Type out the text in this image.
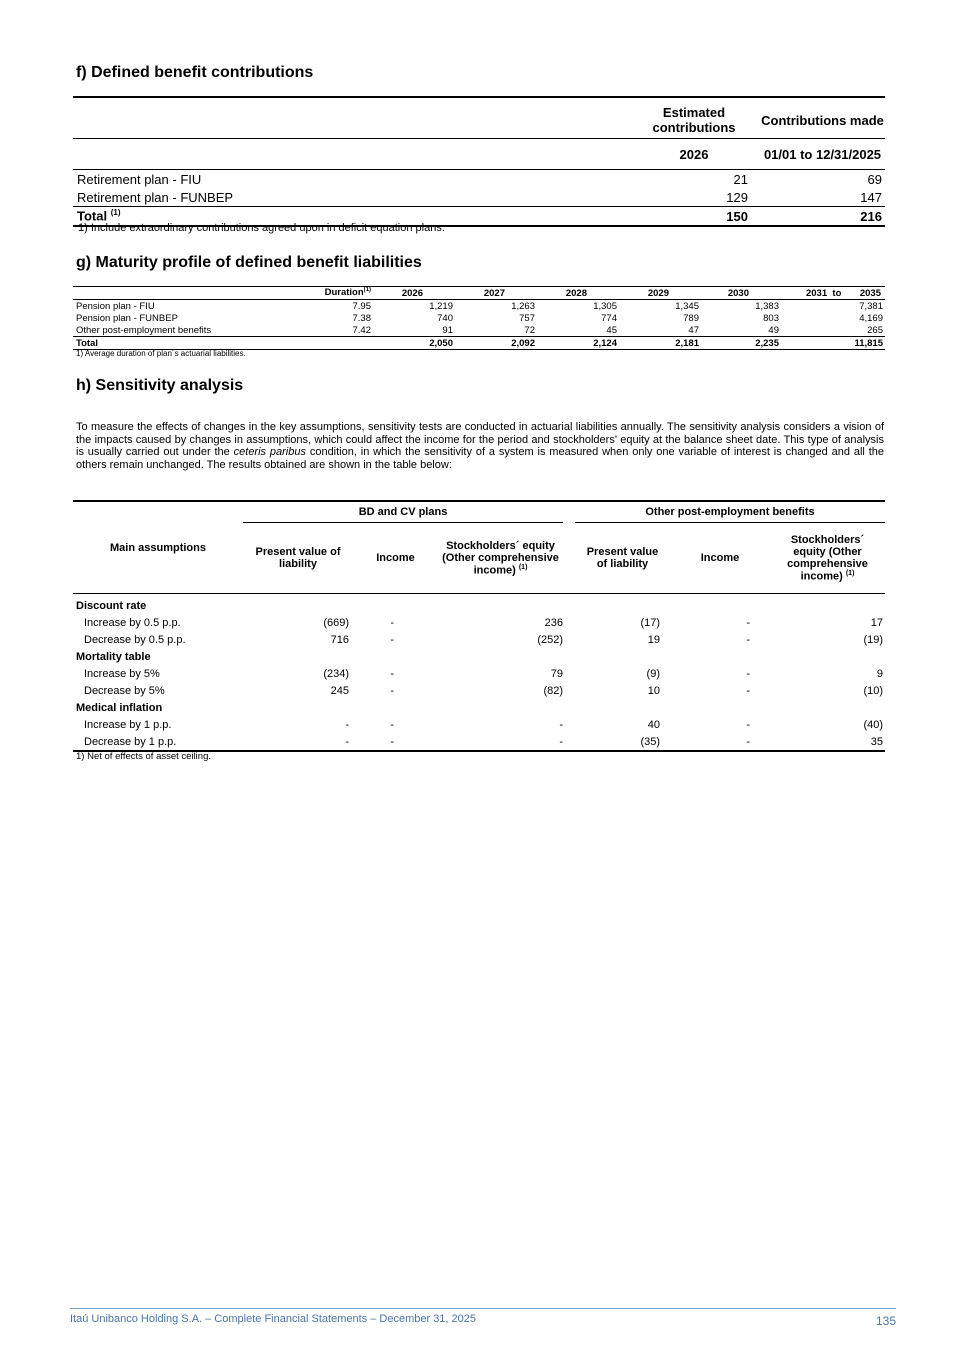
f) Defined benefit contributions
	Estimated contributions		Contributions made
	2026		01/01 to 12/31/2025
Retirement plan - FIU	21		69
Retirement plan - FUNBEP	129		147
Total $^{(1)}$	150		216
1) Include extraordinary contributions agreed upon in deficit equation plans.
g) Maturity profile of defined benefit liabilities
	Duration$^{(1)}$	2026	2027	2028	2029	2030	2031 to 2035
Pension plan - FIU	7.95	1,219	1,263	1,305	1,345	1,383	7,381
Pension plan - FUNBEP	7.38	740	757	774	789	803	4,169
Other post-employment benefits	7.42	91	72	45	47	49	265
Total		2,050	2,092	2,124	2,181	2,235	11,815
1) Average duration of plan´s actuarial liabilities.
h) Sensitivity analysis
To measure the effects of changes in the key assumptions, sensitivity tests are conducted in actuarial liabilities annually. The sensitivity analysis considers a vision of the impacts caused by changes in assumptions, which could affect the income for the period and stockholders' equity at the balance sheet date. This type of analysis is usually carried out under the ceteris paribus condition, in which the sensitivity of a system is measured when only one variable of interest is changed and all the others remain unchanged. The results obtained are shown in the table below:
Main assumptions	BD and CV plans				Other post-employment benefits		
	Present value of liability	Income	Stockholders´ equity (Other comprehensive income) $^{(1)}$		Present value of liability	Income	Stockholders´ equity (Other comprehensive income) $^{(1)}$
Discount rate							
Increase by 0.5 p.p.	(669)	-	236		(17)	-	17
Decrease by 0.5 p.p.	716	-	(252)		19	-	(19)
Mortality table							
Increase by 5%	(234)	-	79		(9)	-	9
Decrease by 5%	245	-	(82)		10	-	(10)
Medical inflation							
Increase by 1 p.p.	-	-	-		40	-	(40)
Decrease by 1 p.p.	-	-	-		(35)	-	35
1) Net of effects of asset ceiling.
Itaú Unibanco Holding S.A. – Complete Financial Statements – December 31, 2025	135
